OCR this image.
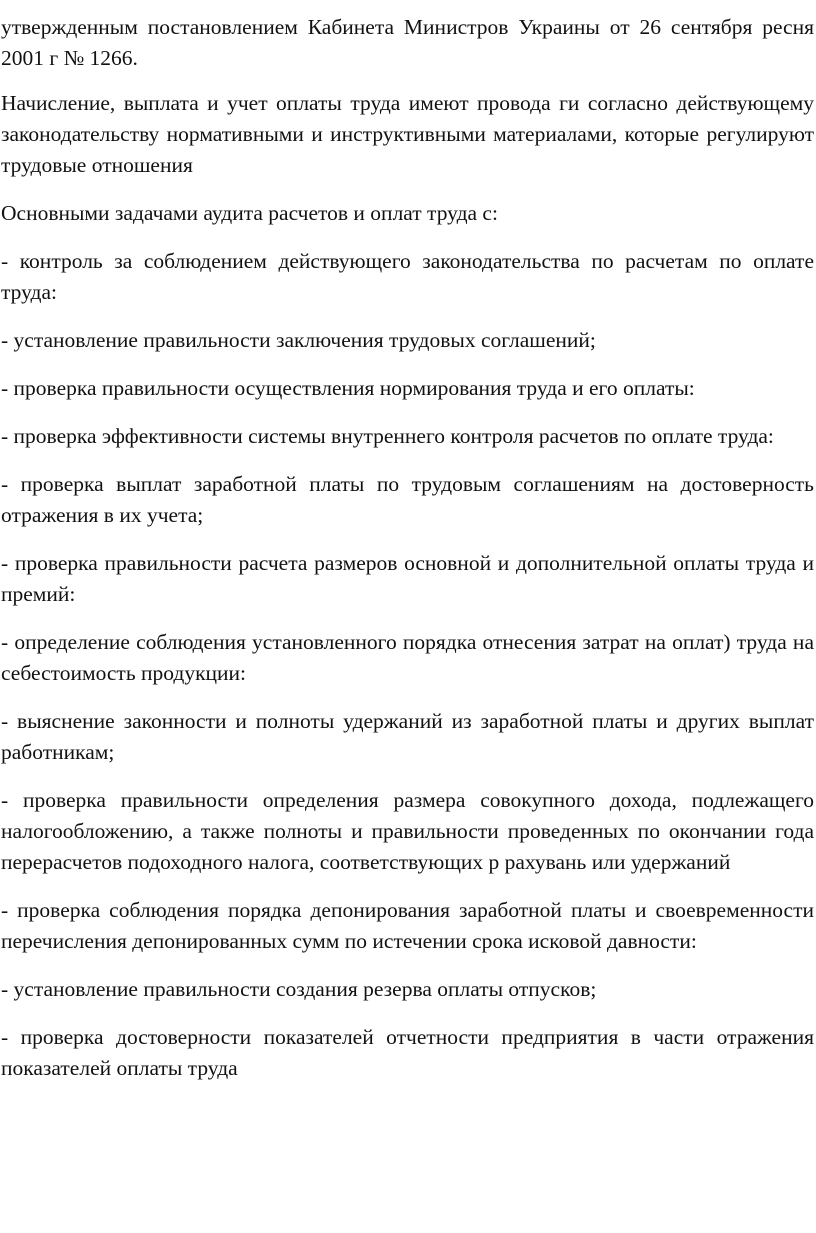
утвержденным постановлением Кабинета Министров Украины от 26 сентября ресня 2001 г № 1266.

Начисление, выплата и учет оплаты труда имеют провода ги согласно действующему законодательству нормативными и инструктивными материалами, которые регулируют трудовые отношения

Основными задачами аудита расчетов и оплат труда с:

- контроль за соблюдением действующего законодательства по расчетам по оплате труда:

- установление правильности заключения трудовых соглашений;

- проверка правильности осуществления нормирования труда и его оплаты:

- проверка эффективности системы внутреннего контроля расчетов по оплате труда:

- проверка выплат заработной платы по трудовым соглашениям на достоверность отражения в их учета;

- проверка правильности расчета размеров основной и дополнительной оплаты труда и премий:

- определение соблюдения установленного порядка отнесения затрат на оплат) труда на себестоимость продукции:

- выяснение законности и полноты удержаний из заработной платы и других выплат работникам;

- проверка правильности определения размера совокупного дохода, подлежащего налогообложению, а также полноты и правильности проведенных по окончании года перерасчетов подоходного налога, соответствующих р рахувань или удержаний

- проверка соблюдения порядка депонирования заработной платы и своевременности перечисления депонированных сумм по истечении срока исковой давности:

- установление правильности создания резерва оплаты отпусков;

- проверка достоверности показателей отчетности предприятия в части отражения показателей оплаты труда
